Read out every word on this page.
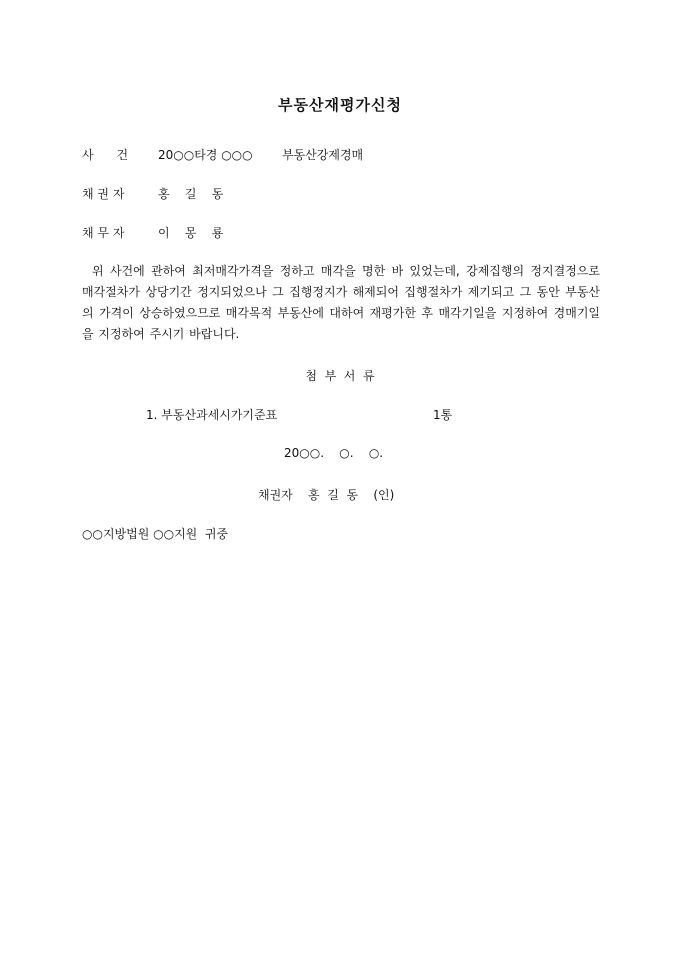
부동산재평가신청
사      건 20○○타경 ○○○ 부동산강제경매
채 권 자	홍    길    동
채 무 자	이    몽    룡
위 사건에 관하여 최저매각가격을 정하고 매각을 명한 바 있었는데, 강제집행의 정지결정으로 매각절차가 상당기간 정지되었으나 그 집행정지가 해제되어 집행절차가 제기되고 그 동안 부동산의 가격이 상승하였으므로 매각목적 부동산에 대하여 재평가한 후 매각기일을 지정하여 경매기일을 지정하여 주시기 바랍니다.
첨  부  서  류
1. 부동산과세시가기준표	1통
20○○.    ○.    ○.
채권자    홍  길  동    (인)
○○지방법원 ○○지원  귀중
